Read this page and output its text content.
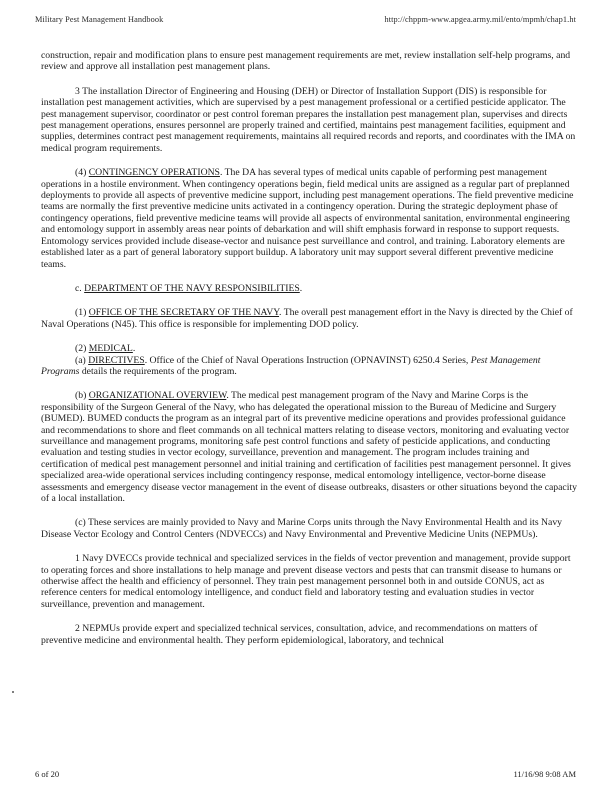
Military Pest Management Handbook	http://chppm-www.apgea.army.mil/ento/mpmh/chap1.ht

construction, repair and modification plans to ensure pest management requirements are met, review installation self-help programs, and review and approve all installation pest management plans.

3 The installation Director of Engineering and Housing (DEH) or Director of Installation Support (DIS) is responsible for installation pest management activities, which are supervised by a pest management professional or a certified pesticide applicator. The pest management supervisor, coordinator or pest control foreman prepares the installation pest management plan, supervises and directs pest management operations, ensures personnel are properly trained and certified, maintains pest management facilities, equipment and supplies, determines contract pest management requirements, maintains all required records and reports, and coordinates with the IMA on medical program requirements.

(4) CONTINGENCY OPERATIONS. The DA has several types of medical units capable of performing pest management operations in a hostile environment. When contingency operations begin, field medical units are assigned as a regular part of preplanned deployments to provide all aspects of preventive medicine support, including pest management operations. The field preventive medicine teams are normally the first preventive medicine units activated in a contingency operation. During the strategic deployment phase of contingency operations, field preventive medicine teams will provide all aspects of environmental sanitation, environmental engineering and entomology support in assembly areas near points of debarkation and will shift emphasis forward in response to support requests. Entomology services provided include disease-vector and nuisance pest surveillance and control, and training. Laboratory elements are established later as a part of general laboratory support buildup. A laboratory unit may support several different preventive medicine teams.

c. DEPARTMENT OF THE NAVY RESPONSIBILITIES.

(1) OFFICE OF THE SECRETARY OF THE NAVY. The overall pest management effort in the Navy is directed by the Chief of Naval Operations (N45). This office is responsible for implementing DOD policy.

(2) MEDICAL.

(a) DIRECTIVES. Office of the Chief of Naval Operations Instruction (OPNAVINST) 6250.4 Series, Pest Management Programs details the requirements of the program.

(b) ORGANIZATIONAL OVERVIEW. The medical pest management program of the Navy and Marine Corps is the responsibility of the Surgeon General of the Navy, who has delegated the operational mission to the Bureau of Medicine and Surgery (BUMED). BUMED conducts the program as an integral part of its preventive medicine operations and provides professional guidance and recommendations to shore and fleet commands on all technical matters relating to disease vectors, monitoring and evaluating vector surveillance and management programs, monitoring safe pest control functions and safety of pesticide applications, and conducting evaluation and testing studies in vector ecology, surveillance, prevention and management. The program includes training and certification of medical pest management personnel and initial training and certification of facilities pest management personnel. It gives specialized area-wide operational services including contingency response, medical entomology intelligence, vector-borne disease assessments and emergency disease vector management in the event of disease outbreaks, disasters or other situations beyond the capacity of a local installation.

(c) These services are mainly provided to Navy and Marine Corps units through the Navy Environmental Health and its Navy Disease Vector Ecology and Control Centers (NDVECCs) and Navy Environmental and Preventive Medicine Units (NEPMUs).

1 Navy DVECCs provide technical and specialized services in the fields of vector prevention and management, provide support to operating forces and shore installations to help manage and prevent disease vectors and pests that can transmit disease to humans or otherwise affect the health and efficiency of personnel. They train pest management personnel both in and outside CONUS, act as reference centers for medical entomology intelligence, and conduct field and laboratory testing and evaluation studies in vector surveillance, prevention and management.

2 NEPMUs provide expert and specialized technical services, consultation, advice, and recommendations on matters of preventive medicine and environmental health. They perform epidemiological, laboratory, and technical

6 of 20	11/16/98 9:08 AM
